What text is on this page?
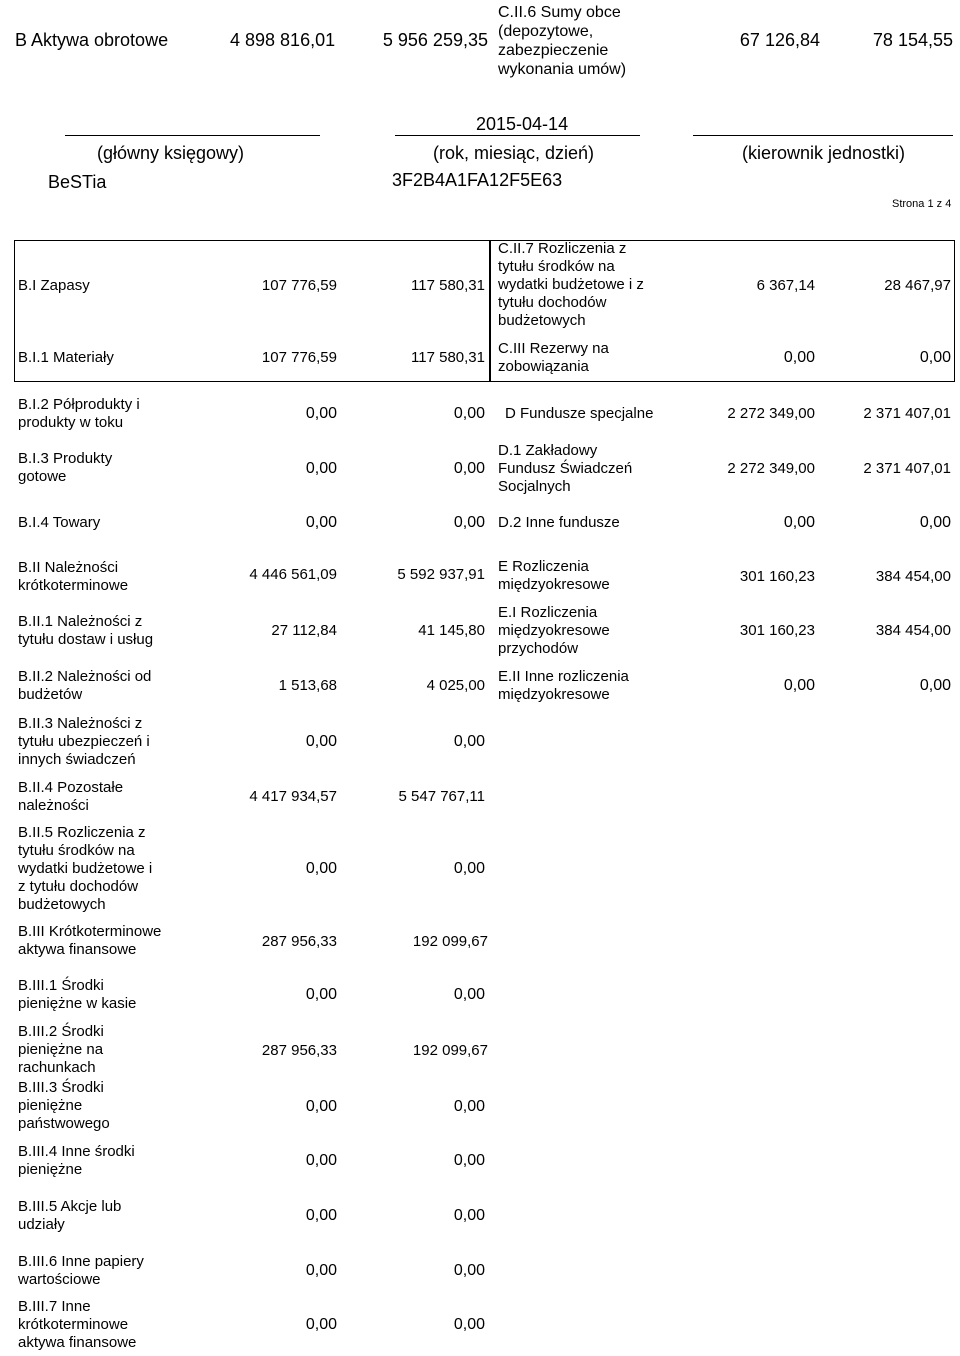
B Aktywa obrotowe	4 898 816,01	5 956 259,35
C.II.6 Sumy obce
(depozytowe,
zabezpieczenie
wykonania umów)
67 126,84	78 154,55
2015-04-14
(główny księgowy)	(rok, miesiąc, dzień)	(kierownik jednostki)
BeSTia	3F2B4A1FA12F5E63
Strona 1 z 4
B.I Zapasy	107 776,59	117 580,31
B.I.1 Materiały	107 776,59	117 580,31
B.I.2 Półprodukty i
produkty w toku
0,00	0,00
B.I.3 Produkty
gotowe	0,00	0,00
B.I.4 Towary	0,00	0,00
B.II Należności
krótkoterminowe
4 446 561,09	5 592 937,91
B.II.1 Należności z
tytułu dostaw i usług
27 112,84	41 145,80
B.II.2 Należności od
budżetów
1 513,68	4 025,00
B.II.3 Należności z
tytułu ubezpieczeń i
innych świadczeń
0,00	0,00
B.II.4 Pozostałe
należności
4 417 934,57	5 547 767,11
B.II.5 Rozliczenia z
tytułu środków na
wydatki budżetowe i
z tytułu dochodów
budżetowych
0,00	0,00
B.III Krótkoterminowe
aktywa finansowe	287 956,33	192 099,67
B.III.1 Środki
pieniężne w kasie
0,00	0,00
B.III.2 Środki
pieniężne na
rachunkach
287 956,33	192 099,67
B.III.3 Środki
pieniężne
państwowego
0,00	0,00
B.III.4 Inne środki
pieniężne
0,00	0,00
B.III.5 Akcje lub
udziały
0,00	0,00
B.III.6 Inne papiery
wartościowe
0,00	0,00
B.III.7 Inne
krótkoterminowe
aktywa finansowe
0,00	0,00
C.II.7 Rozliczenia z
tytułu środków na
wydatki budżetowe i z
tytułu dochodów
budżetowych
6 367,14	28 467,97
C.III Rezerwy na
zobowiązania
0,00	0,00
D Fundusze specjalne	2 272 349,00	2 371 407,01
D.1 Zakładowy
Fundusz Świadczeń
Socjalnych
2 272 349,00	2 371 407,01
D.2 Inne fundusze	0,00	0,00
E Rozliczenia
międzyokresowe	301 160,23	384 454,00
E.I Rozliczenia
międzyokresowe
przychodów
301 160,23	384 454,00
E.II Inne rozliczenia
międzyokresowe
0,00	0,00
